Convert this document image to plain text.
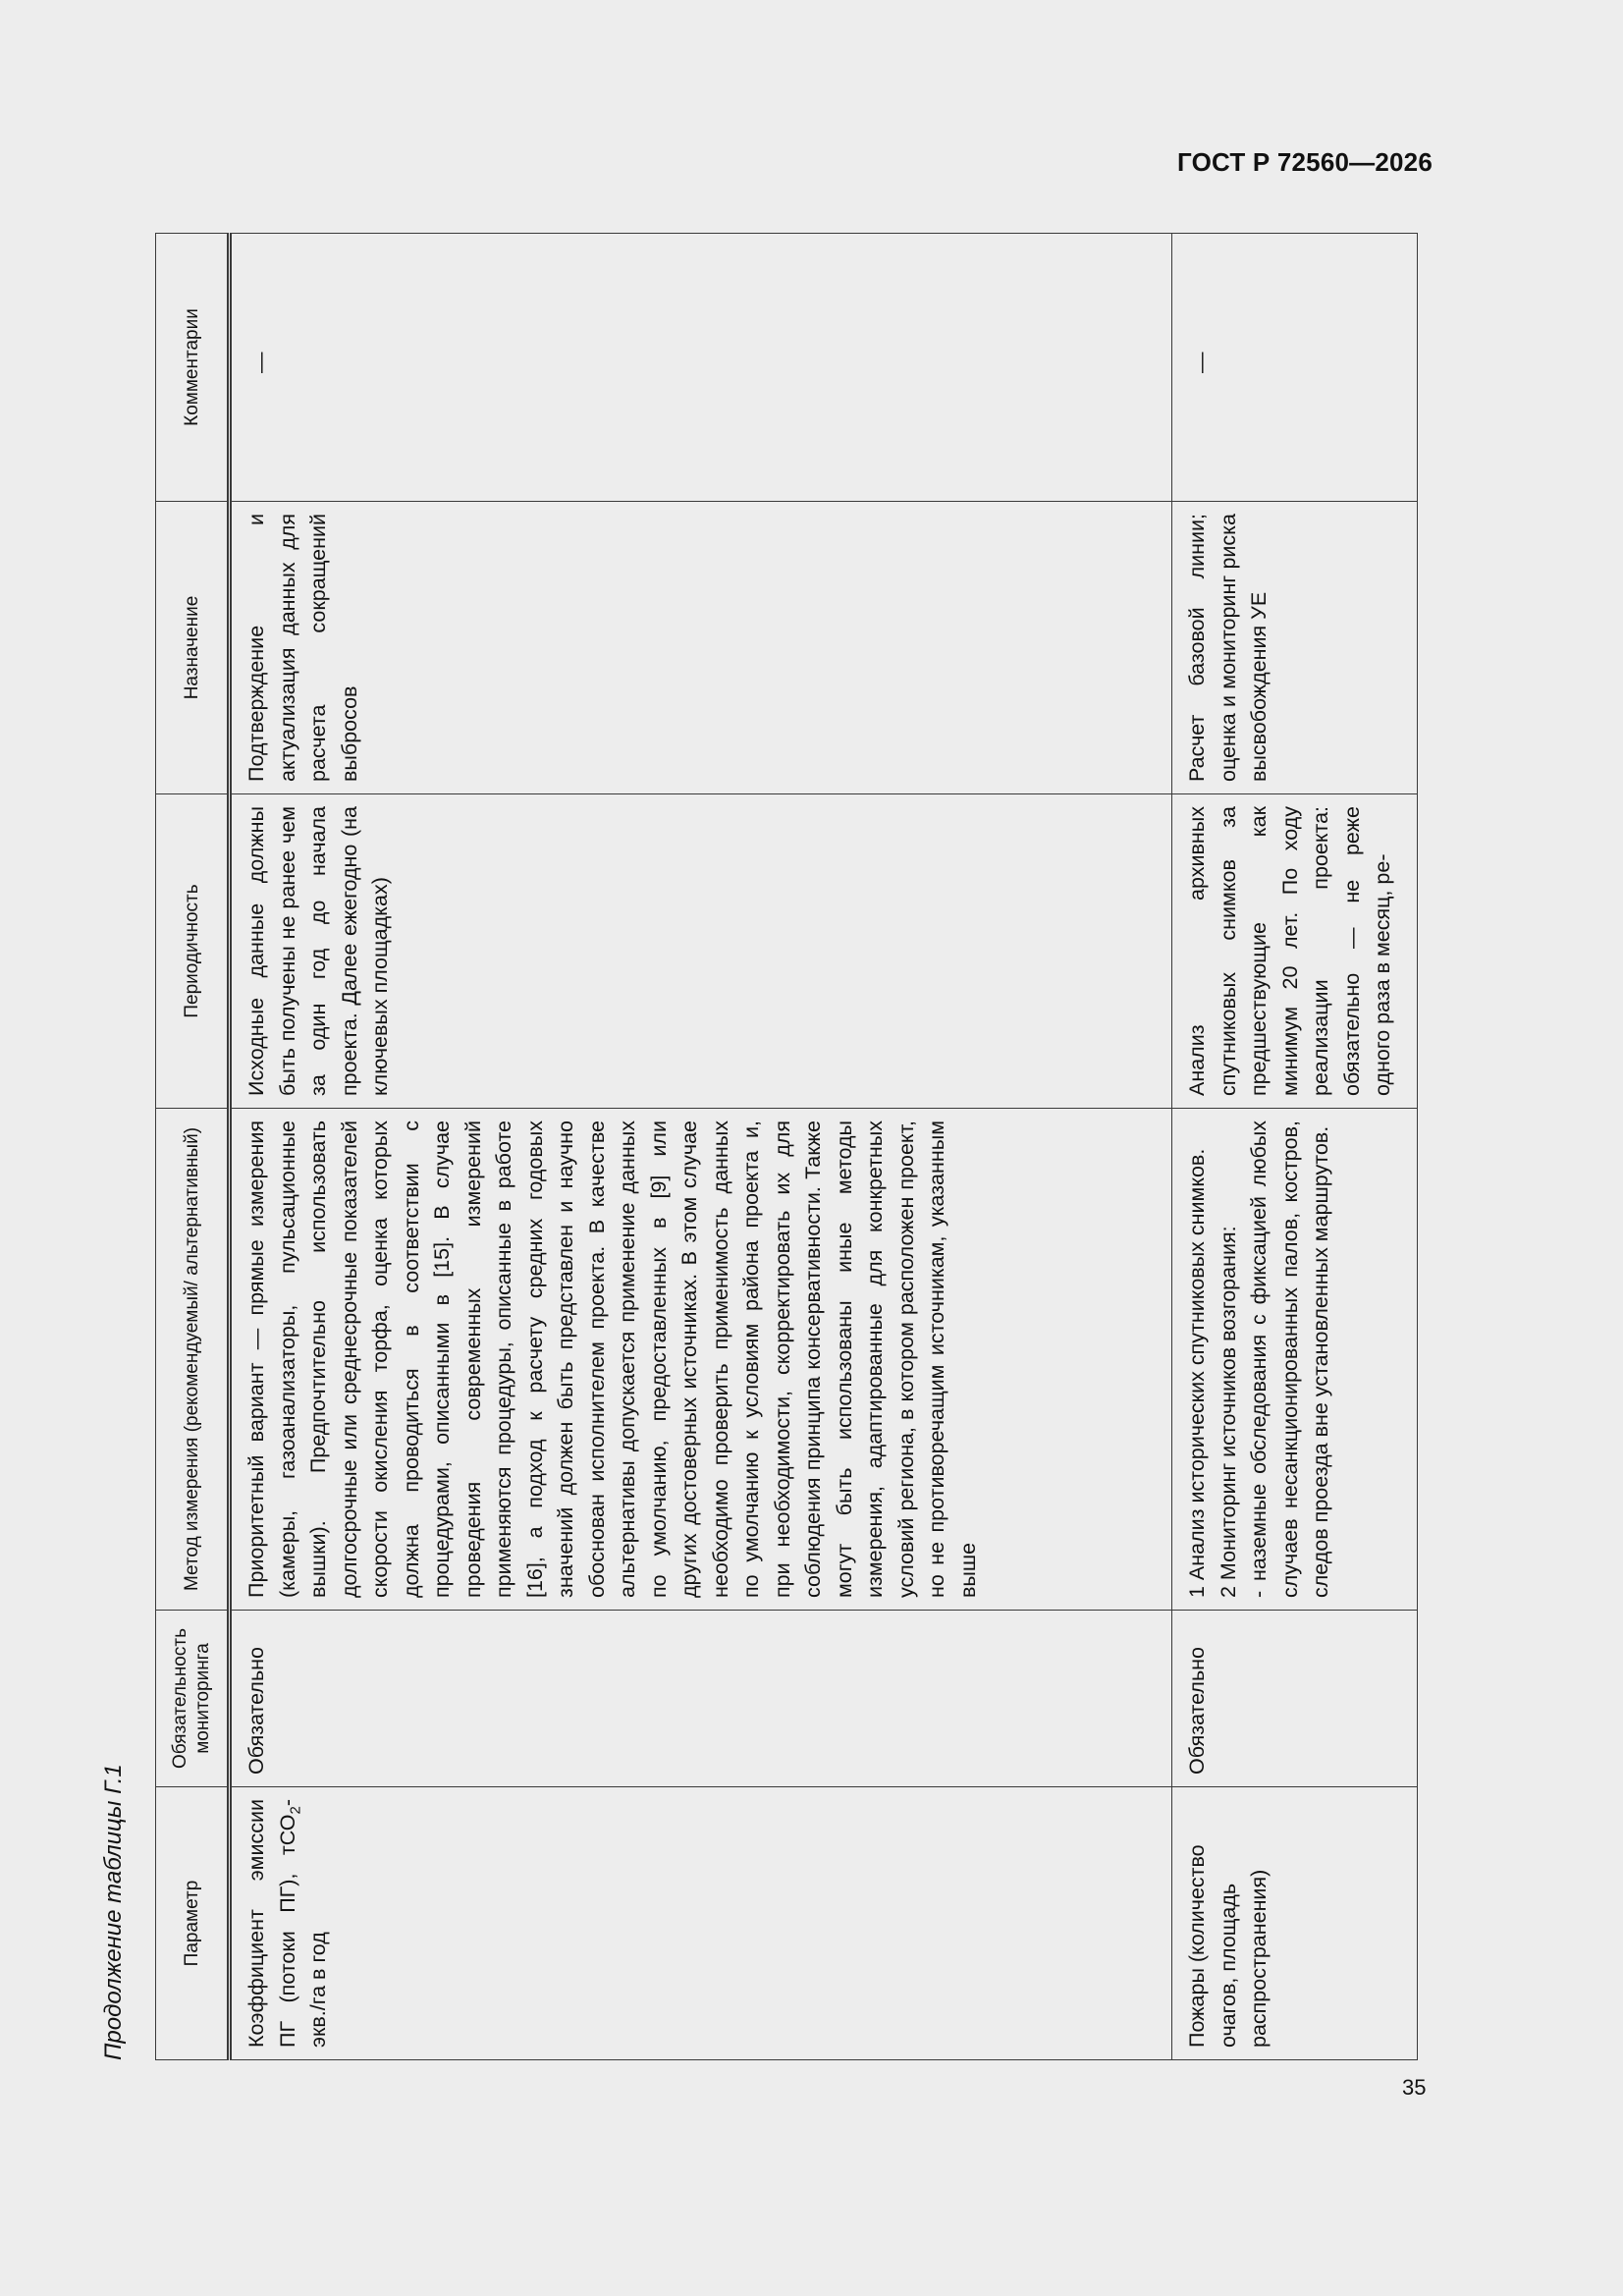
ГОСТ Р 72560—2026
Продолжение таблицы Г.1	Параметр	Обязательность мониторинга	Метод измерения (рекомендуемый/ альтернативный)	Периодичность	Назначение	Комментарии
Коэффициент эмиссии ПГ (потоки ПГ), тСО$_2$-экв./га в год	Обязательно	Приоритетный вариант — прямые измерения (камеры, газоанализаторы, пульсационные вышки). Предпочтительно использовать долгосрочные или среднесрочные показателей скорости окисления торфа, оценка которых должна проводиться в соответствии с процедурами, описанными в [15]. В случае проведения современных измерений применяются процедуры, описанные в работе [16], а подход к расчету средних годовых значений должен быть представлен и научно обоснован исполнителем проекта. В качестве альтернативы допускается применение данных по умолчанию, предоставленных в [9] или других достоверных источниках. В этом случае необходимо проверить применимость данных по умолчанию к условиям района проекта и, при необходимости, скорректировать их для соблюдения принципа консервативности. Также могут быть использованы иные методы измерения, адаптированные для конкретных условий региона, в котором расположен проект, но не противоречащим источникам, указанным выше	Исходные данные должны быть получены не ранее чем за один год до начала проекта. Далее ежегодно (на ключевых площадках)	Подтверждение и актуализация данных для расчета сокращений выбросов	—
Пожары (количество очагов, площадь распространения)	Обязательно	1 Анализ исторических спутниковых снимков. 2 Мониторинг источников возгорания: - наземные обследования с фиксацией любых случаев несанкционированных палов, костров, следов проезда вне установленных маршрутов.	Анализ архивных спутниковых снимков за предшествующие как минимум 20 лет. По ходу реализации проекта: обязательно — не реже одного раза в месяц, ре-	Расчет базовой линии; оценка и мониторинг риска высвобождения УЕ	—
35
